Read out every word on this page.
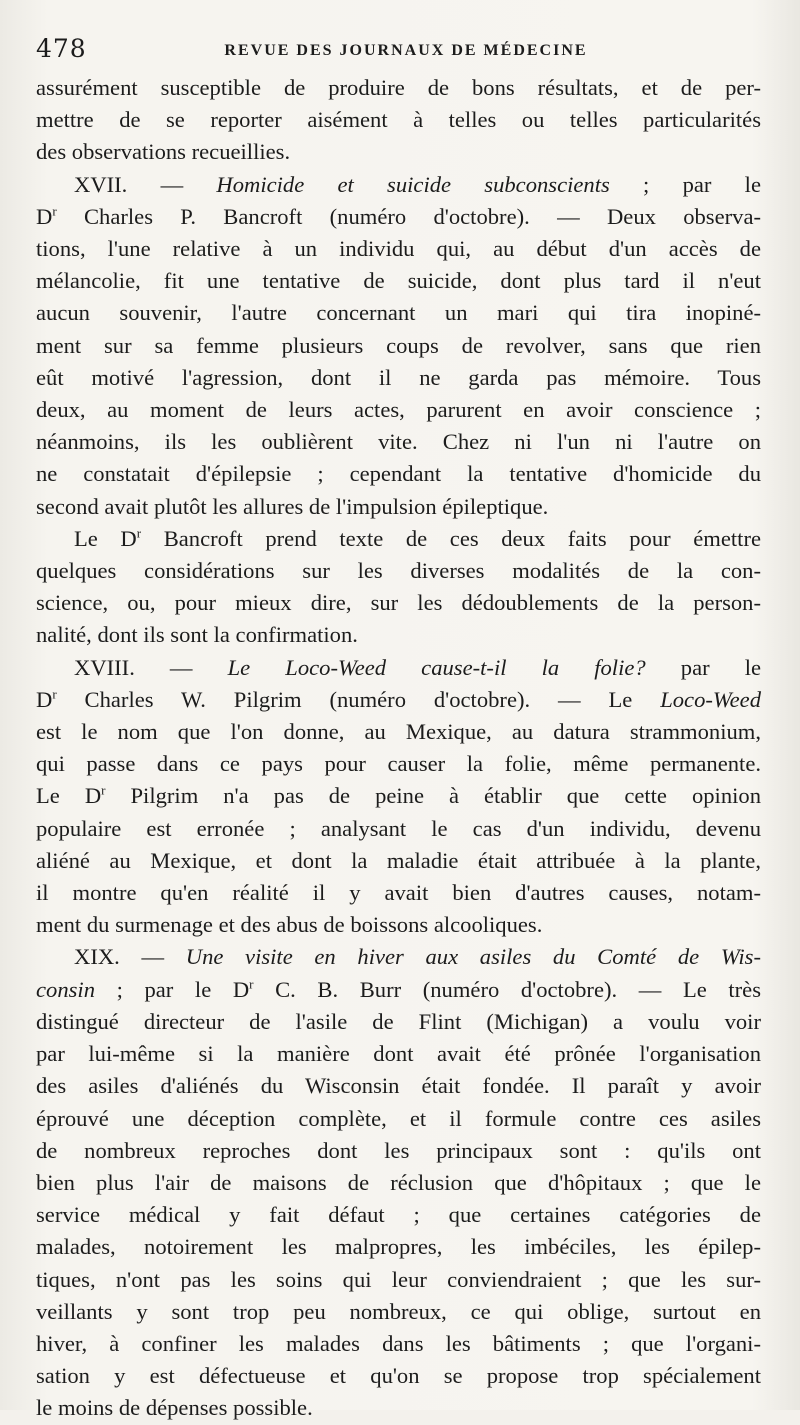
478	REVUE DES JOURNAUX DE MÉDECINE
assurément susceptible de produire de bons résultats, et de per-
mettre de se reporter aisément à telles ou telles particularités
des observations recueillies.
XVII. — Homicide et suicide subconscients ; par le
$D^r$ Charles P. Bancroft (numéro d'octobre). — Deux observa-
tions, l'une relative à un individu qui, au début d'un accès de
mélancolie, fit une tentative de suicide, dont plus tard il n'eut
aucun souvenir, l'autre concernant un mari qui tira inopiné-
ment sur sa femme plusieurs coups de revolver, sans que rien
eût motivé l'agression, dont il ne garda pas mémoire. Tous
deux, au moment de leurs actes, parurent en avoir conscience ;
néanmoins, ils les oublièrent vite. Chez ni l'un ni l'autre on
ne constatait d'épilepsie ; cependant la tentative d'homicide du
second avait plutôt les allures de l'impulsion épileptique.
Le $D^r$ Bancroft prend texte de ces deux faits pour émettre
quelques considérations sur les diverses modalités de la con-
science, ou, pour mieux dire, sur les dédoublements de la person-
nalité, dont ils sont la confirmation.
XVIII. — Le Loco-Weed cause-t-il la folie? par le
$D^r$ Charles W. Pilgrim (numéro d'octobre). — Le Loco-Weed
est le nom que l'on donne, au Mexique, au datura strammonium,
qui passe dans ce pays pour causer la folie, même permanente.
Le $D^r$ Pilgrim n'a pas de peine à établir que cette opinion
populaire est erronée ; analysant le cas d'un individu, devenu
aliéné au Mexique, et dont la maladie était attribuée à la plante,
il montre qu'en réalité il y avait bien d'autres causes, notam-
ment du surmenage et des abus de boissons alcooliques.
XIX. — Une visite en hiver aux asiles du Comté de Wis-
consin ; par le $D^r$ C. B. Burr (numéro d'octobre). — Le très
distingué directeur de l'asile de Flint (Michigan) a voulu voir
par lui-même si la manière dont avait été prônée l'organisation
des asiles d'aliénés du Wisconsin était fondée. Il paraît y avoir
éprouvé une déception complète, et il formule contre ces asiles
de nombreux reproches dont les principaux sont : qu'ils ont
bien plus l'air de maisons de réclusion que d'hôpitaux ; que le
service médical y fait défaut ; que certaines catégories de
malades, notoirement les malpropres, les imbéciles, les épilep-
tiques, n'ont pas les soins qui leur conviendraient ; que les sur-
veillants y sont trop peu nombreux, ce qui oblige, surtout en
hiver, à confiner les malades dans les bâtiments ; que l'organi-
sation y est défectueuse et qu'on se propose trop spécialement
le moins de dépenses possible.
